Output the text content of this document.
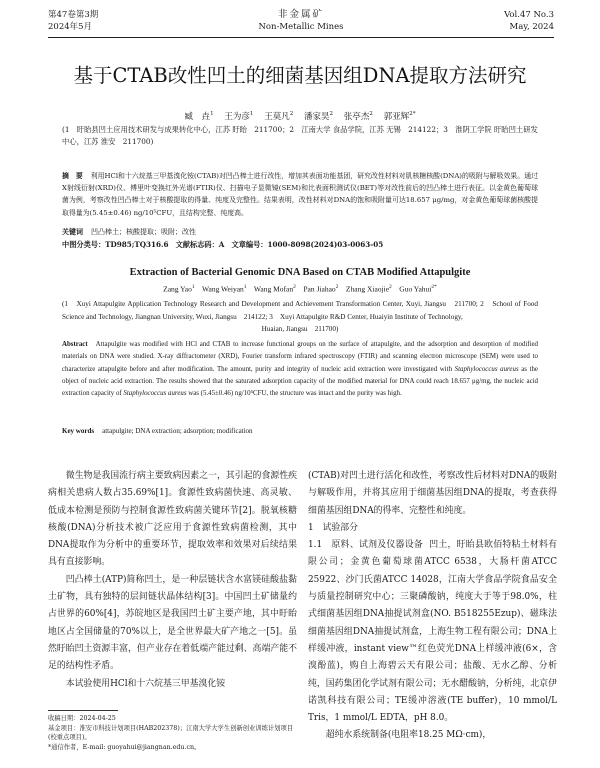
第47卷第3期
2024年5月
非金属矿
Non-Metallic Mines
Vol.47 No.3
May, 2024
基于CTAB改性凹土的细菌基因组DNA提取方法研究
臧　垚$^1$ 王为彦$^1$ 王莫凡$^2$ 潘家昊$^2$ 张亭杰$^2$ 郭亚辉$^{2*}$
(1　盱眙县凹土应用技术研发与成果转化中心，江苏 盱眙　211700；2　江南大学 食品学院，江苏 无锡　214122；3　淮阴工学院 盱眙凹土研发中心，江苏 淮安　211700)
摘　要 利用HCl和十六烷基三甲基溴化铵(CTAB)对凹凸棒土进行改性，增加其表面功能基团，研究改性材料对肌核糖核酸(DNA)的吸附与解吸效果。通过X射线衍射(XRD)仪、傅里叶变换红外光谱(FTIR)仪、扫描电子显微镜(SEM)和比表面积测试仪(BET)等对改性前后的凹凸棒土进行表征。以金黄色葡萄球菌为例，考察改性凹凸棒土对于核酸提取的得量、纯度及完整性。结果表明，改性材料对DNA的饱和吸附量可达18.657 μg/mg，对金黄色葡萄球菌核酸提取得量为(5.45±0.46) ng/10⁵CFU，且结构完整、纯度高。
关键词 凹凸棒土；核酸提取；吸附；改性
中图分类号：TD985;TQ316.6　文献标志码：A　文章编号：1000-8098(2024)03-0063-05
Extraction of Bacterial Genomic DNA Based on CTAB Modified Attapulgite
Zang Yao$^1$ Wang Weiyan$^1$ Wang Mofan$^2$ Pan Jiahao$^2$ Zhang Xiaojie$^2$ Guo Yahui$^{2*}$
(1　Xuyi Attapulgite Application Technology Research and Development and Achievement Transformation Center, Xuyi, Jiangsu　211700; 2　School of Food Science and Technology, Jiangnan University, Wuxi, Jiangsu　214122; 3　Xuyi Attapulgite R&D Center, Huaiyin Institute of Technology,
Huaian, Jiangsu　211700)
Abstract Attapulgite was modified with HCl and CTAB to increase functional groups on the surface of attapulgite, and the adsorption and desorption of modified materials on DNA were studied. X-ray diffractometer (XRD), Fourier transform infrared spectroscopy (FTIR) and scanning electron microscope (SEM) were used to characterize attapulgite before and after modification. The amount, purity and integrity of nucleic acid extraction were investigated with Staphylococcus aureus as the object of nucleic acid extraction. The results showed that the saturated adsorption capacity of the modified material for DNA could reach 18.657 μg/mg, the nucleic acid extraction capacity of Staphylococcus aureus was (5.45±0.46) ng/10⁵CFU, the structure was intact and the purity was high.
Key words attapulgite; DNA extraction; adsorption; modification

微生物是我国流行病主要致病因素之一，其引起的食源性疾病相关患病人数占35.69%[1]。食源性致病菌快速、高灵敏、低成本检测是预防与控制食源性致病菌关键环节[2]。脱氧核糖核酸(DNA)分析技术被广泛应用于食源性致病菌检测，其中DNA提取作为分析中的重要环节，提取效率和效果对后续结果具有直接影响。

凹凸棒土(ATP)简称凹土，是一种层链状含水富镁硅酸盐黏土矿物，具有独特的层间链状晶体结构[3]。中国凹土矿储量约占世界的60%[4]，苏皖地区是我国凹土矿主要产地，其中盱眙地区占全国储量的70%以上，是全世界最大矿产地之一[5]。虽然盱眙凹土资源丰富，但产业存在着低端产能过剩、高端产能不足的结构性矛盾。

本试验使用HCl和十六烷基三甲基溴化铵

(CTAB)对凹土进行活化和改性，考察改性后材料对DNA的吸附与解吸作用，并将其应用于细菌基因组DNA的提取，考查获得细菌基因组DNA的得率、完整性和纯度。

1　试验部分

1.1　原料、试剂及仪器设备 凹土，盱眙县欧佰特粘土材料有限公司；金黄色葡萄球菌ATCC 6538，大肠杆菌ATCC 25922、沙门氏菌ATCC 14028，江南大学食品学院食品安全与质量控制研究中心；三聚磷酸钠，纯度大于等于98.0%，柱式细菌基因组DNA抽提试剂盒(NO. B518255Ezup)、磁珠法细菌基因组DNA抽提试剂盒，上海生物工程有限公司；DNA上样缓冲液，instant view™红色荧光DNA上样缓冲液(6×，含溴酚蓝)，购自上海碧云天有限公司；盐酸、无水乙醇、分析纯，国药集团化学试剂有限公司；无水醋酸钠，分析纯，北京伊诺凯科技有限公司；TE缓冲溶液(TE buffer)，10 mmol/L Tris，1 mmol/L EDTA，pH 8.0。

超纯水系统制备(电阻率18.25 MΩ·cm)，

收稿日期：2024-04-25

基金项目：淮安市科技计划项目(HAB202378)；江南大学大学生创新创业训练计划项目(校重点项目)。

*通信作者，E-mail: guoyahui@jiangnan.edu.cn。
